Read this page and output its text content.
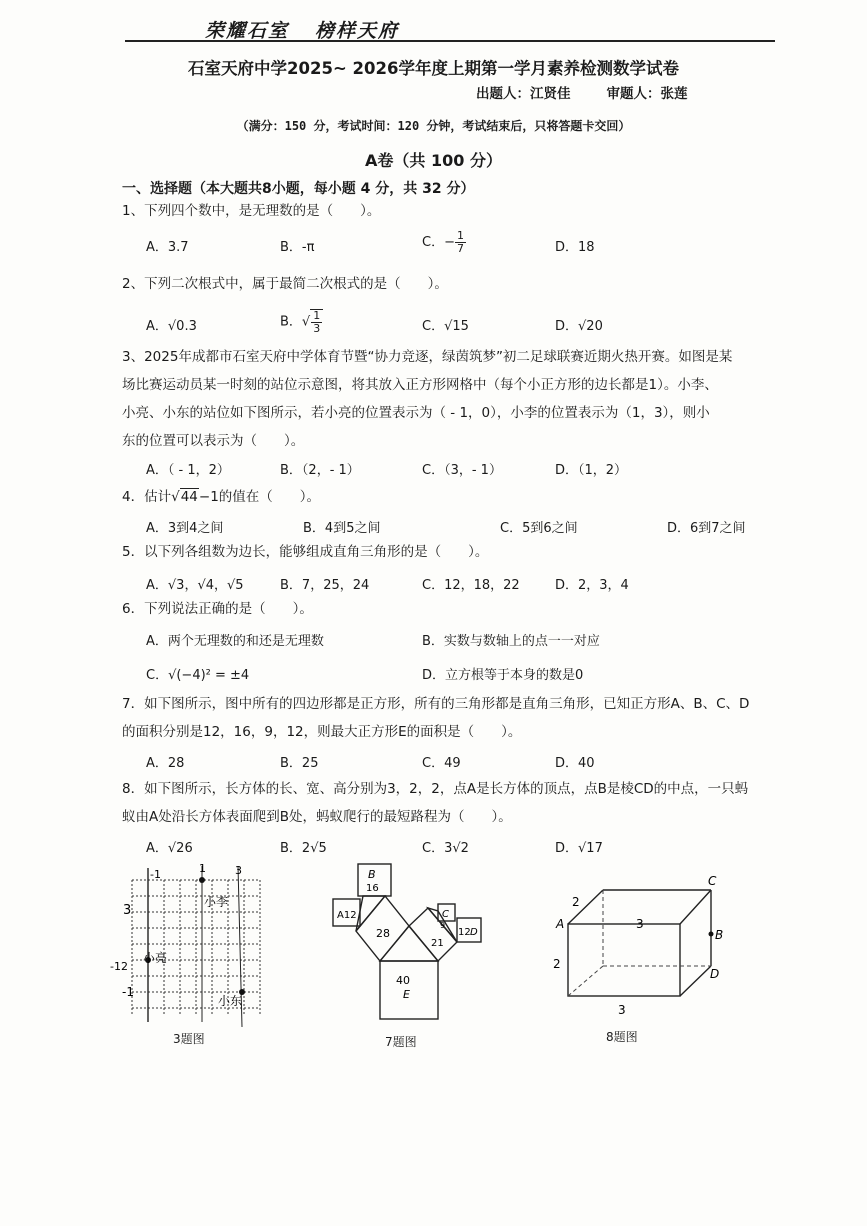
荣耀石室 榜样天府
石室天府中学2025~ 2026学年度上期第一学月素养检测数学试卷
出题人：江贤佳	审题人：张莲
（满分：150 分，考试时间：120 分钟，考试结束后，只将答题卡交回）
A卷（共 100 分）
一、选择题（本大题共8小题，每小题 4 分，共 32 分）
1、下列四个数中，是无理数的是（　　）。
A．3.7	B．-π	C．− $\frac{1}{7}$	D．18
2、下列二次根式中，属于最简二次根式的是（　　）。
A．√0.3	B．√ $\frac{1}{3}$	C．√15	D．√20
3、2025年成都市石室天府中学体育节暨“协力竞逐，绿茵筑梦”初二足球联赛近期火热开赛。如图是某
场比赛运动员某一时刻的站位示意图，将其放入正方形网格中（每个小正方形的边长都是1）。小李、
小亮、小东的站位如下图所示，若小亮的位置表示为（ - 1，0），小李的位置表示为（1，3），则小
东的位置可以表示为（　　）。
A．（ - 1，2）	B．（2，- 1）	C．（3，- 1）	D．（1，2）
4．估计√44−1的值在（　　）。
A．3到4之间	B．4到5之间	C．5到6之间	D．6到7之间
5．以下列各组数为边长，能够组成直角三角形的是（　　）。
A．√3，√4，√5	B．7，25，24	C．12，18，22	D．2，3，4
6．下列说法正确的是（　　）。
A．两个无理数的和还是无理数	B．实数与数轴上的点一一对应
C．√(−4)² = ±4	D．立方根等于本身的数是0
7．如下图所示，图中所有的四边形都是正方形，所有的三角形都是直角三角形，已知正方形A、B、C、D
的面积分别是12，16，9，12，则最大正方形E的面积是（　　）。
A．28	B．25	C．49	D．40
8．如下图所示，长方体的长、宽、高分别为3，2，2，点A是长方体的顶点，点B是棱CD的中点，一只蚂
蚁由A处沿长方体表面爬到B处，蚂蚁爬行的最短路程为（　　）。
A．√26	B．2√5	C．3√2	D．√17
-1	1	3
3
-12
-1
小李
小亮
小东
3题图
B
16
A12	C
9
12 D
28
21
40
E
7题图
A
B
C
D
2
3
2
3
8题图
